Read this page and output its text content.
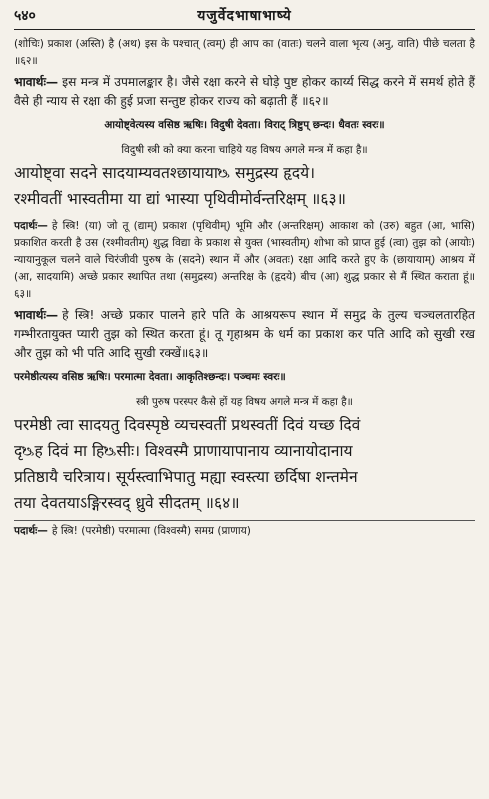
५४०	यजुर्वेदभाषाभाष्ये

(शोचिः) प्रकाश (अस्ति) है (अथ) इस के पश्चात्‌ (त्वम्) ही आप का (वातः) चलने वाला भृत्य (अनु, वाति) पीछे चलता है ॥६२॥

भावार्थः— इस मन्त्र में उपमालङ्कार है। जैसे रक्षा करने से घोड़े पुष्ट होकर कार्य्य सिद्ध करने में समर्थ होते हैं वैसे ही न्याय से रक्षा की हुई प्रजा सन्तुष्ट होकर राज्य को बढ़ाती हैं ॥६२॥

आयोष्ट्वेत्यस्य वसिष्ठ ऋषिः। विदुषी देवता। विराट् त्रिष्टुप् छन्दः। धैवतः स्वरः॥

विदुषी स्त्री को क्या करना चाहिये यह विषय अगले मन्त्र में कहा है॥

आयोष्ट्वा सदने सादयाम्यवतश्छायायाᳬ समुद्रस्य हृदये।
रश्मीवतीं भास्वतीमा या द्यां भास्या पृथिवीमोर्वन्तरिक्षम् ॥६३॥

पदार्थः— हे स्त्रि! (या) जो तू (द्याम्) प्रकाश (पृथिवीम्) भूमि और (अन्तरिक्षम्) आकाश को (उरु) बहुत (आ, भासि) प्रकाशित करती है उस (रश्मीवतीम्) शुद्ध विद्या के प्रकाश से युक्त (भास्वतीम्) शोभा को प्राप्त हुई (त्वा) तुझ को (आयोः) न्यायानुकूल चलने वाले चिरंजीवी पुरुष के (सदने) स्थान में और (अवतः) रक्षा आदि करते हुए के (छायायाम्) आश्रय में (आ, सादयामि) अच्छे प्रकार स्थापित तथा (समुद्रस्य) अन्तरिक्ष के (हृदये) बीच (आ) शुद्ध प्रकार से मैं स्थित कराता हूं॥६३॥

भावार्थः— हे स्त्रि! अच्छे प्रकार पालने हारे पति के आश्रयरूप स्थान में समुद्र के तुल्य चञ्चलतारहित गम्भीरतायुक्त प्यारी तुझ को स्थित करता हूं। तू गृहाश्रम के धर्म का प्रकाश कर पति आदि को सुखी रख और तुझ को भी पति आदि सुखी रक्खें॥६३॥

परमेष्ठीत्यस्य वसिष्ठ ऋषिः। परमात्मा देवता। आकृतिश्छन्दः। पञ्चमः स्वरः॥

स्त्री पुरुष परस्पर कैसे हों यह विषय अगले मन्त्र में कहा है॥

परमेष्ठी त्वा सादयतु दिवस्पृष्ठे व्यचस्वतीं प्रथस्वतीं दिवं यच्छ दिवं
दृᳬह दिवं मा हिᳬसीः। विश्वस्मै प्राणायापानाय व्यानायोदानाय
प्रतिष्ठायै चरित्राय। सूर्यस्त्वाभिपातु मह्या स्वस्त्या छर्दिषा शन्तमेन
तया देवतयाऽङ्गिरस्वद् ध्रुवे सीदतम् ॥६४॥

पदार्थः— हे स्त्रि! (परमेष्ठी) परमात्मा (विश्वस्मै) समग्र (प्राणाय)
